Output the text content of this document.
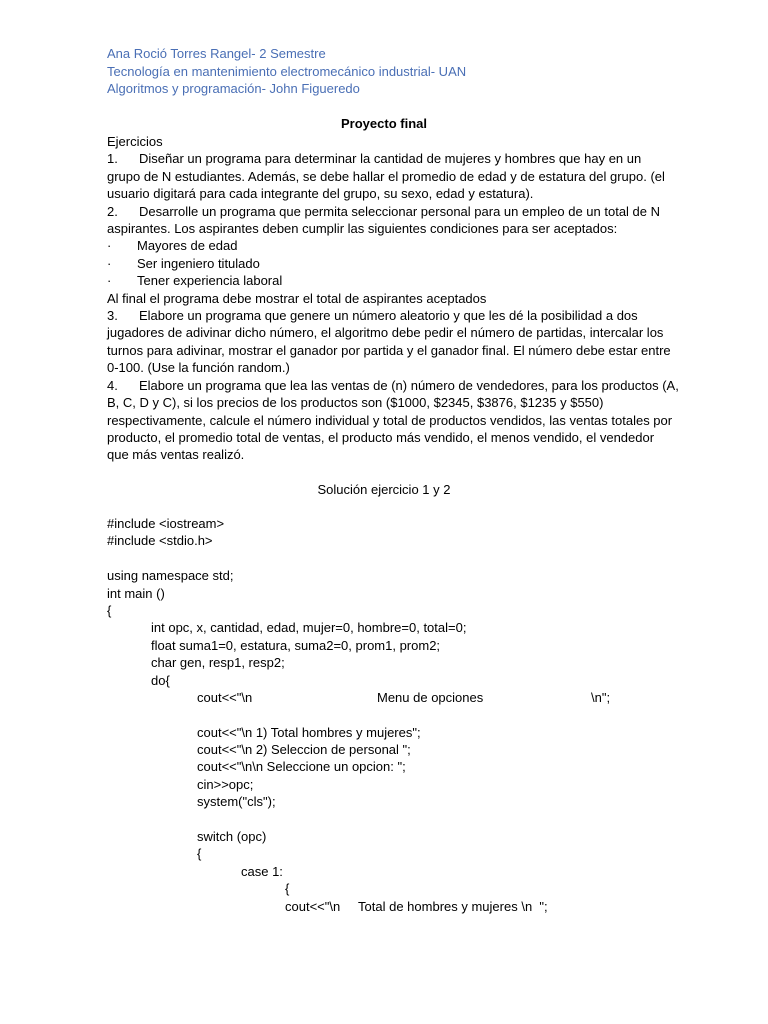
Ana Roció Torres Rangel- 2 Semestre
Tecnología en mantenimiento electromecánico industrial- UAN
Algoritmos y programación- John Figueredo
Proyecto final
Ejercicios
1. Diseñar un programa para determinar la cantidad de mujeres y hombres que hay en un
grupo de N estudiantes. Además, se debe hallar el promedio de edad y de estatura del grupo. (el
usuario digitará para cada integrante del grupo, su sexo, edad y estatura).
2. Desarrolle un programa que permita seleccionar personal para un empleo de un total de N
aspirantes. Los aspirantes deben cumplir las siguientes condiciones para ser aceptados:
· Mayores de edad
· Ser ingeniero titulado
· Tener experiencia laboral
Al final el programa debe mostrar el total de aspirantes aceptados
3. Elabore un programa que genere un número aleatorio y que les dé la posibilidad a dos
jugadores de adivinar dicho número, el algoritmo debe pedir el número de partidas, intercalar los
turnos para adivinar, mostrar el ganador por partida y el ganador final. El número debe estar entre
0-100. (Use la función random.)
4. Elabore un programa que lea las ventas de (n) número de vendedores, para los productos (A,
B, C, D y C), si los precios de los productos son ($1000, $2345, $3876, $1235 y $550)
respectivamente, calcule el número individual y total de productos vendidos, las ventas totales por
producto, el promedio total de ventas, el producto más vendido, el menos vendido, el vendedor
que más ventas realizó.
Solución ejercicio 1 y 2
#include <iostream>
#include <stdio.h>
using namespace std;
int main ()
{
int opc, x, cantidad, edad, mujer=0, hombre=0, total=0;
float suma1=0, estatura, suma2=0, prom1, prom2;
char gen, resp1, resp2;
do{
cout<<"\n	Menu de opciones	\n";
cout<<"\n 1) Total hombres y mujeres";
cout<<"\n 2) Seleccion de personal ";
cout<<"\n\n Seleccione un opcion: ";
cin>>opc;
system("cls");
switch (opc)
{
case 1:
{
cout<<"\n     Total de hombres y mujeres \n  ";
